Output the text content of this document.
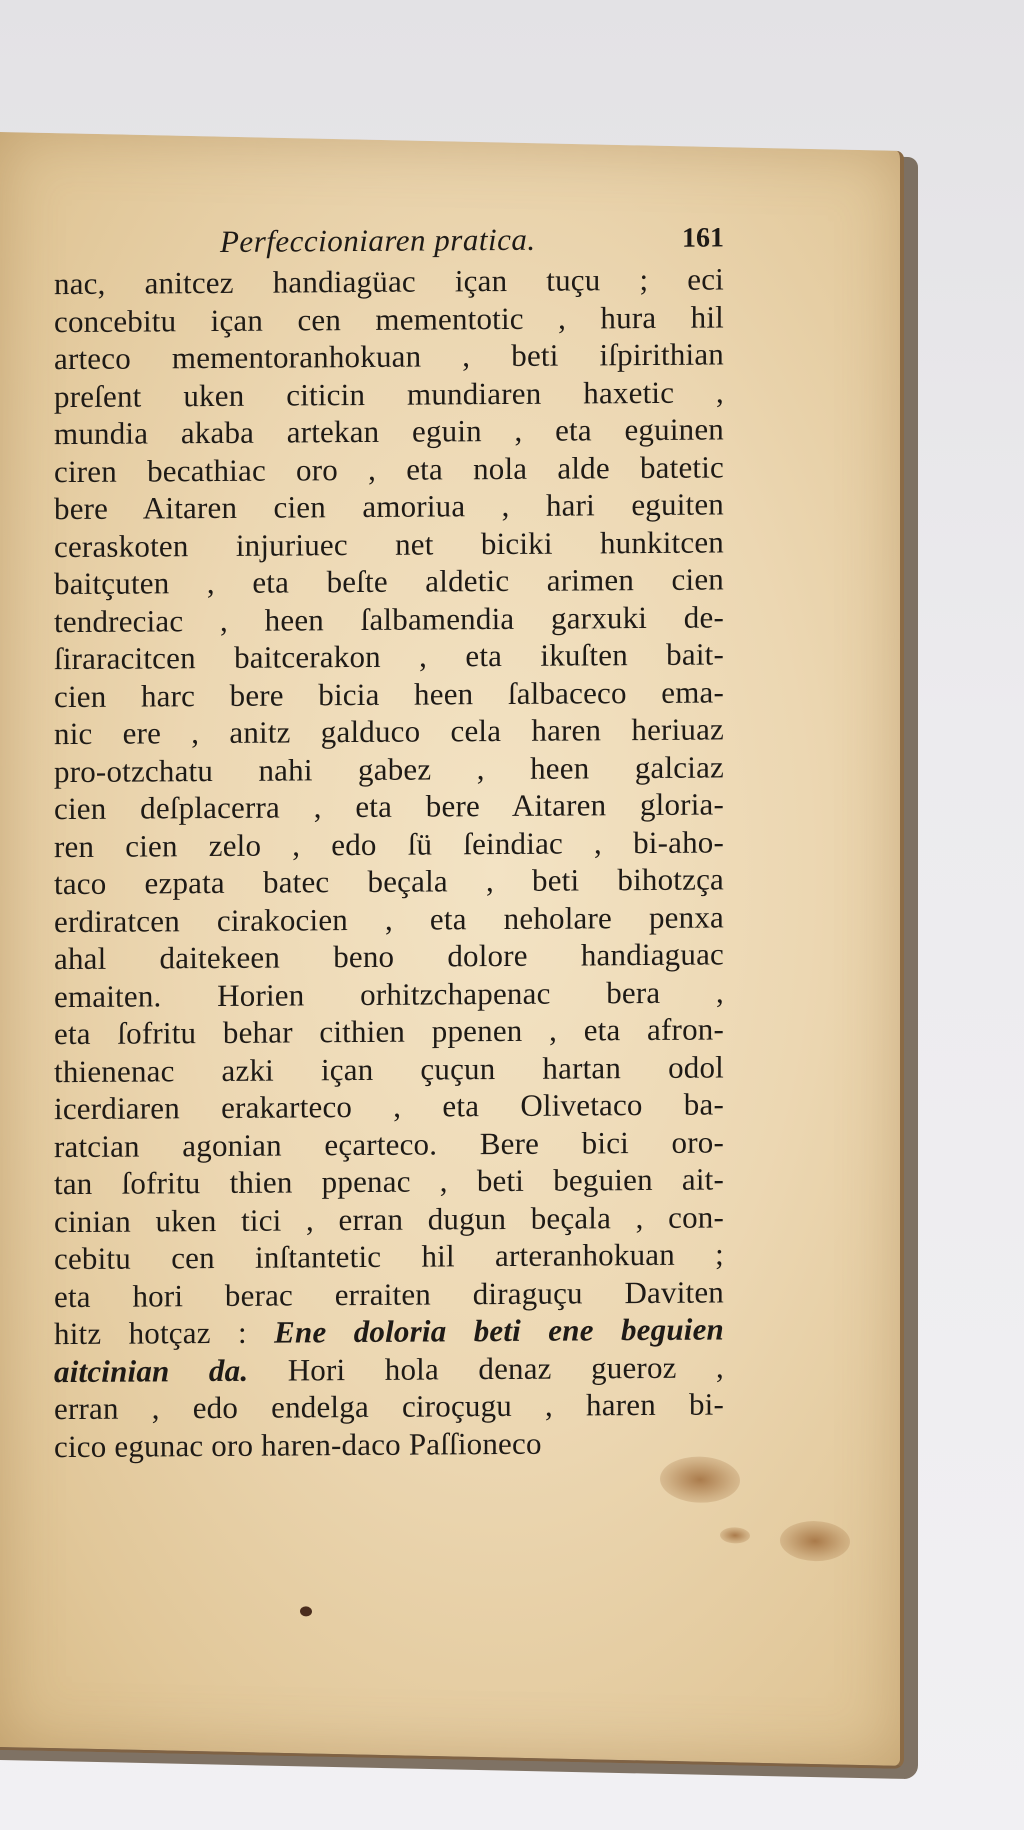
Perfeccioniaren pratica.	161
nac, anitcez handiagüac içan tuçu ; eci
concebitu içan cen mementotic , hura hil
arteco mementoranhokuan , beti iſpirithian
preſent uken citicin mundiaren haxetic ,
mundia akaba artekan eguin , eta eguinen
ciren becathiac oro , eta nola alde batetic
bere Aitaren cien amoriua , hari eguiten
ceraskoten injuriuec net biciki hunkitcen
baitçuten , eta beſte aldetic arimen cien
tendreciac , heen ſalbamendia garxuki de-
ſiraracitcen baitcerakon , eta ikuſten bait-
cien harc bere bicia heen ſalbaceco ema-
nic ere , anitz galduco cela haren heriuaz
pro-otzchatu nahi gabez , heen galciaz
cien deſplacerra , eta bere Aitaren gloria-
ren cien zelo , edo ſü ſeindiac , bi-aho-
taco ezpata batec beçala , beti bihotzça
erdiratcen cirakocien , eta neholare penxa
ahal daitekeen beno dolore handiaguac
emaiten. Horien orhitzchapenac bera ,
eta ſofritu behar cithien ppenen , eta afron-
thienenac azki içan çuçun hartan odol
icerdiaren erakarteco , eta Olivetaco ba-
ratcian agonian eçarteco. Bere bici oro-
tan ſofritu thien ppenac , beti beguien ait-
cinian uken tici , erran dugun beçala , con-
cebitu cen inſtantetic hil arteranhokuan ;
eta hori berac erraiten diraguçu Daviten
hitz hotçaz : Ene doloria beti ene beguien
aitcinian da. Hori hola denaz gueroz ,
erran , edo endelga ciroçugu , haren bi-
cico egunac oro haren-daco Paſſioneco
